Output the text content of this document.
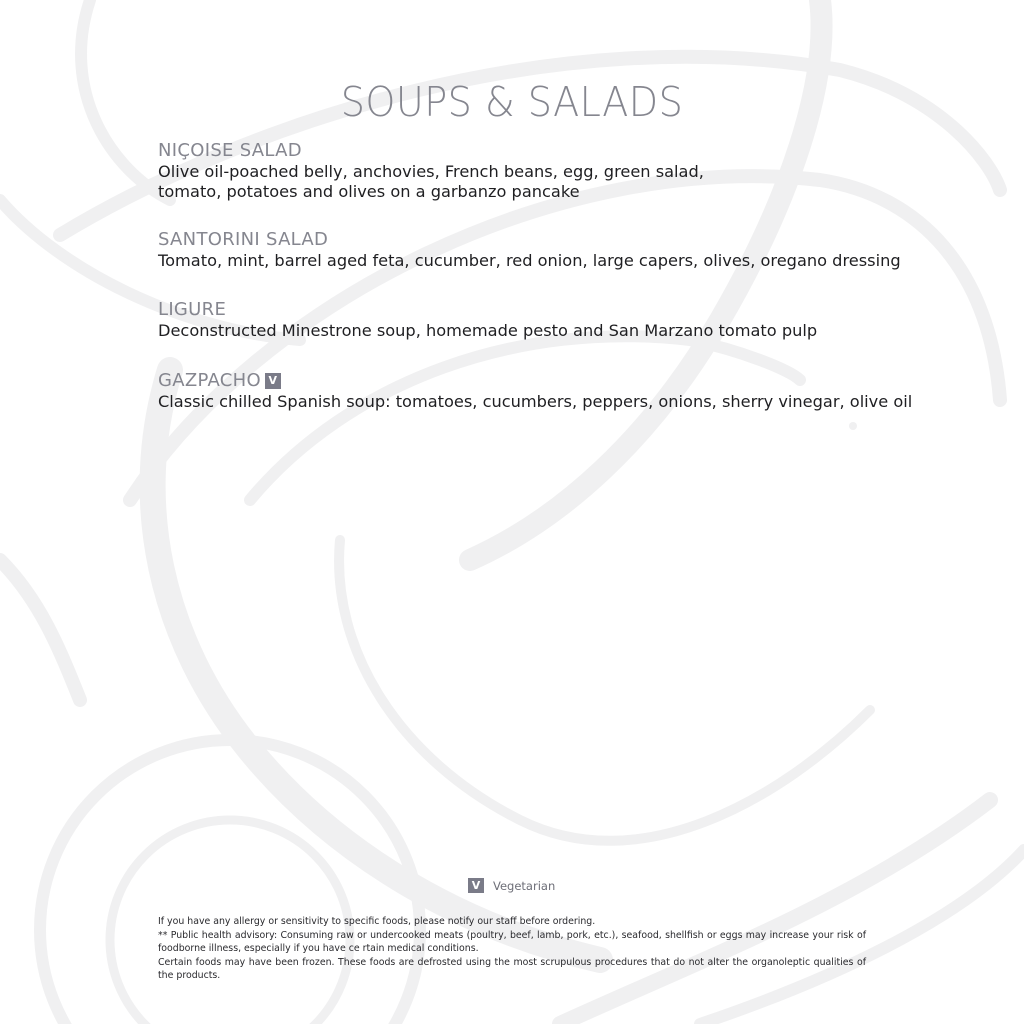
SOUPS & SALADS
NIÇOISE SALAD
Olive oil-poached belly, anchovies, French beans, egg, green salad,
tomato, potatoes and olives on a garbanzo pancake
SANTORINI SALAD
Tomato, mint, barrel aged feta, cucumber, red onion, large capers, olives, oregano dressing
LIGURE
Deconstructed Minestrone soup, homemade pesto and San Marzano tomato pulp
GAZPACHO V
Classic chilled Spanish soup: tomatoes, cucumbers, peppers, onions, sherry vinegar, olive oil
V	Vegetarian

If you have any allergy or sensitivity to specific foods, please notify our staff before ordering.

** Public health advisory: Consuming raw or undercooked meats (poultry, beef, lamb, pork, etc.), seafood, shellfish or eggs may increase your risk of foodborne illness, especially if you have ce rtain medical conditions.

Certain foods may have been frozen. These foods are defrosted using the most scrupulous procedures that do not alter the organoleptic qualities of the products.
